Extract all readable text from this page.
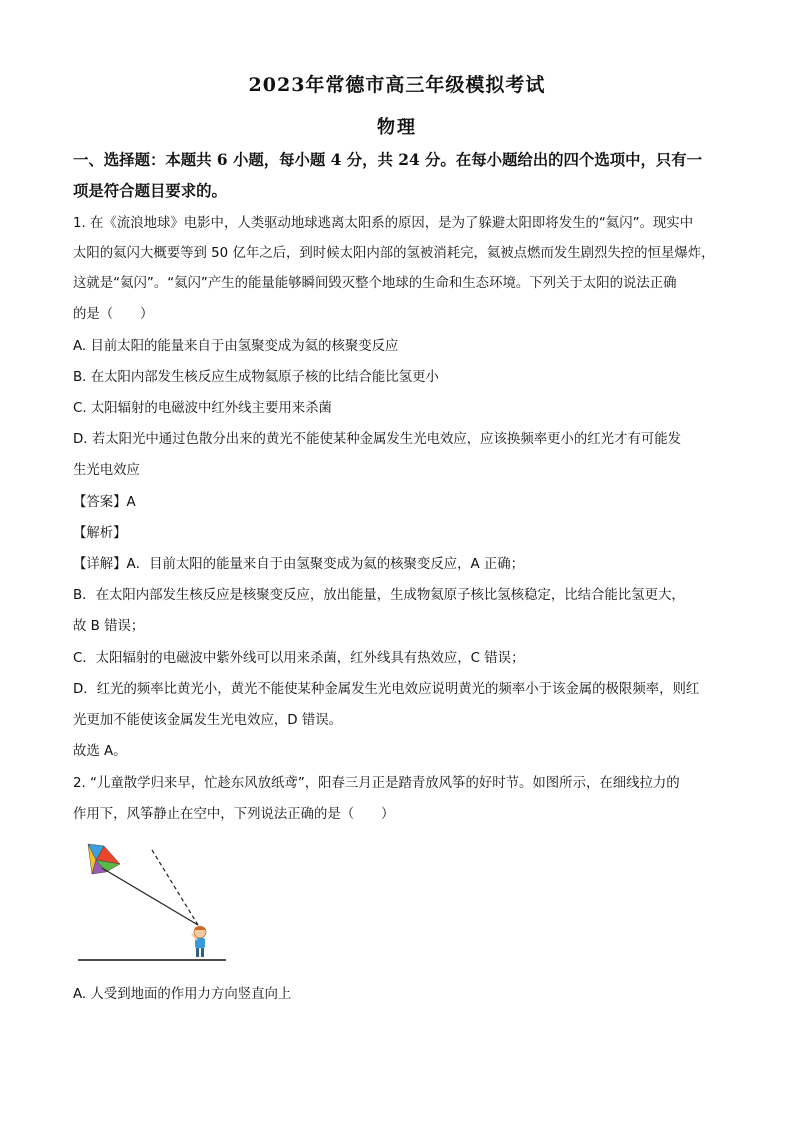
2023年常德市高三年级模拟考试
物理
一、选择题：本题共 6 小题，每小题 4 分，共 24 分。在每小题给出的四个选项中，只有一
项是符合题目要求的。
1. 在《流浪地球》电影中，人类驱动地球逃离太阳系的原因，是为了躲避太阳即将发生的“氦闪”。现实中
太阳的氦闪大概要等到 50 亿年之后，到时候太阳内部的氢被消耗完，氦被点燃而发生剧烈失控的恒星爆炸，
这就是“氦闪”。“氦闪”产生的能量能够瞬间毁灭整个地球的生命和生态环境。下列关于太阳的说法正确
的是（　　）
A. 目前太阳的能量来自于由氢聚变成为氦的核聚变反应
B. 在太阳内部发生核反应生成物氦原子核的比结合能比氢更小
C. 太阳辐射的电磁波中红外线主要用来杀菌
D. 若太阳光中通过色散分出来的黄光不能使某种金属发生光电效应，应该换频率更小的红光才有可能发
生光电效应
【答案】A
【解析】
【详解】A．目前太阳的能量来自于由氢聚变成为氦的核聚变反应，A 正确；
B．在太阳内部发生核反应是核聚变反应，放出能量，生成物氦原子核比氢核稳定，比结合能比氢更大，
故 B 错误；
C．太阳辐射的电磁波中紫外线可以用来杀菌，红外线具有热效应，C 错误；
D．红光的频率比黄光小，黄光不能使某种金属发生光电效应说明黄光的频率小于该金属的极限频率，则红
光更加不能使该金属发生光电效应，D 错误。
故选 A。
2. “儿童散学归来早，忙趁东风放纸鸢”，阳春三月正是踏青放风筝的好时节。如图所示，在细线拉力的
作用下，风筝静止在空中，下列说法正确的是（　　）
A. 人受到地面的作用力方向竖直向上
